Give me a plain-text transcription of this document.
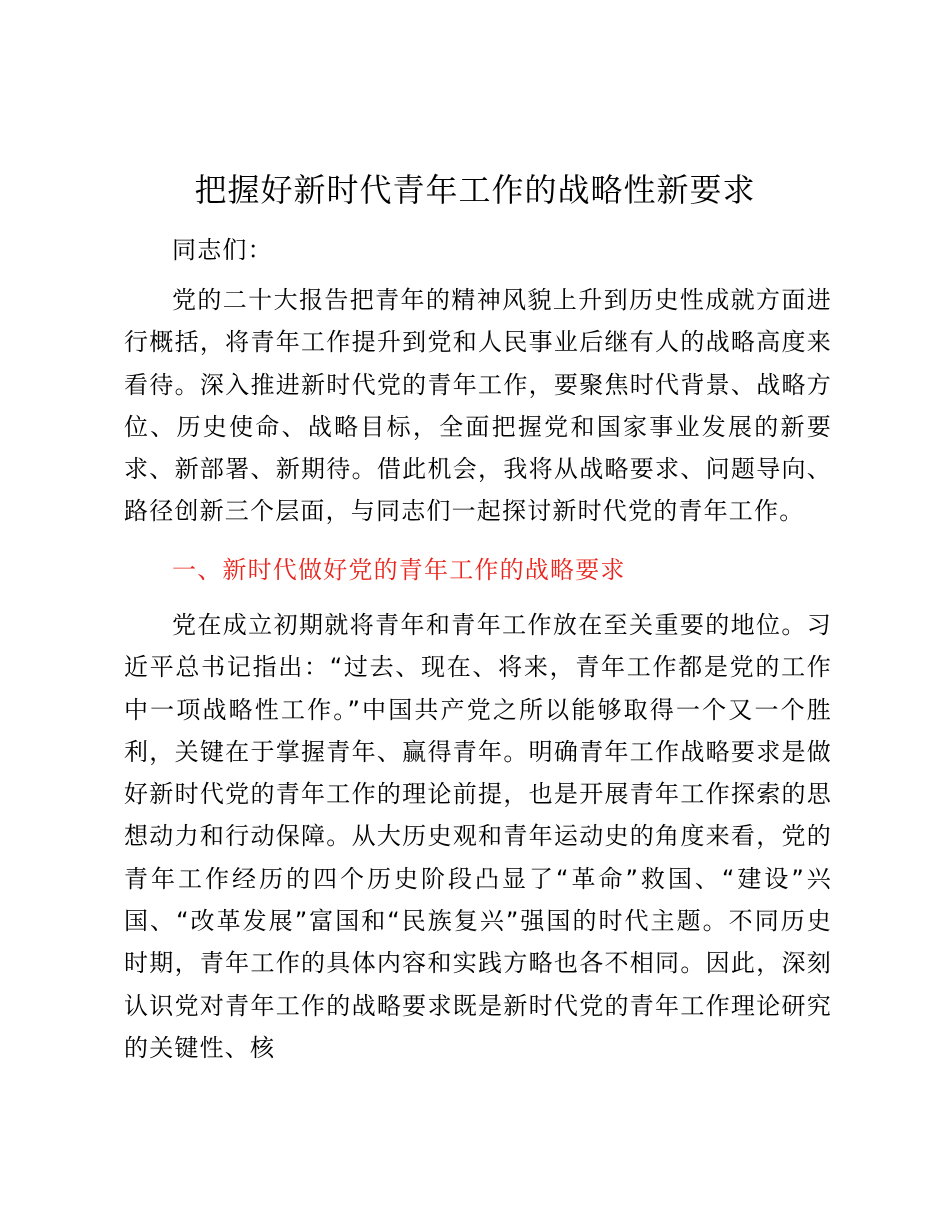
把握好新时代青年工作的战略性新要求

同志们：

党的二十大报告把青年的精神风貌上升到历史性成就方面进行概括，将青年工作提升到党和人民事业后继有人的战略高度来看待。深入推进新时代党的青年工作，要聚焦时代背景、战略方位、历史使命、战略目标，全面把握党和国家事业发展的新要求、新部署、新期待。借此机会，我将从战略要求、问题导向、路径创新三个层面，与同志们一起探讨新时代党的青年工作。

一、新时代做好党的青年工作的战略要求

党在成立初期就将青年和青年工作放在至关重要的地位。习近平总书记指出：“过去、现在、将来，青年工作都是党的工作中一项战略性工作。”中国共产党之所以能够取得一个又一个胜利，关键在于掌握青年、赢得青年。明确青年工作战略要求是做好新时代党的青年工作的理论前提，也是开展青年工作探索的思想动力和行动保障。从大历史观和青年运动史的角度来看，党的青年工作经历的四个历史阶段凸显了“革命”救国、“建设”兴国、“改革发展”富国和“民族复兴”强国的时代主题。不同历史时期，青年工作的具体内容和实践方略也各不相同。因此，深刻认识党对青年工作的战略要求既是新时代党的青年工作理论研究的关键性、核
